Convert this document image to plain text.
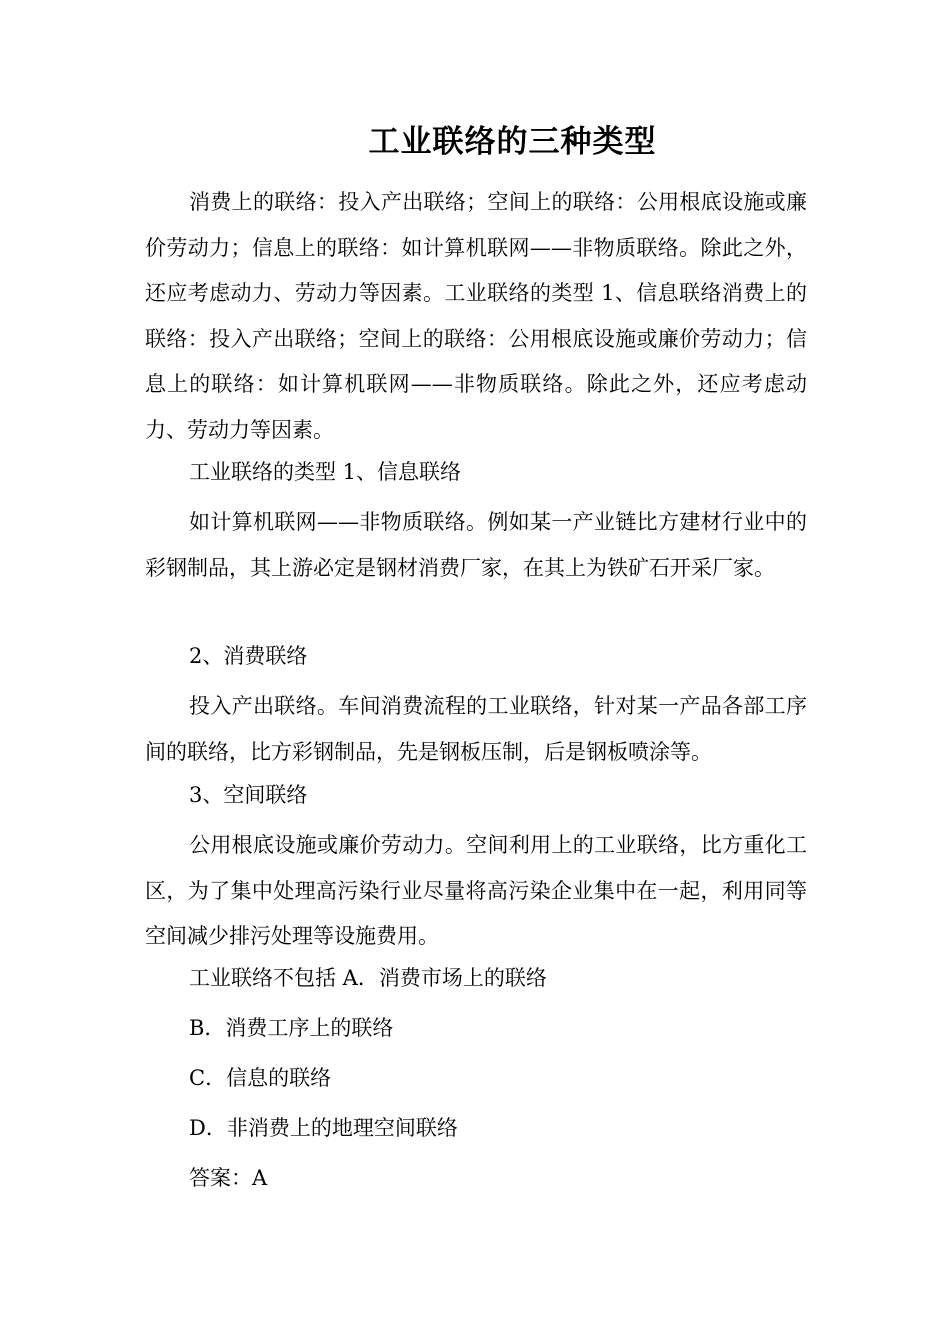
工业联络的三种类型

消费上的联络：投入产出联络；空间上的联络：公用根底设施或廉价劳动力；信息上的联络：如计算机联网——非物质联络。除此之外，还应考虑动力、劳动力等因素。工业联络的类型 1、信息联络消费上的联络：投入产出联络；空间上的联络：公用根底设施或廉价劳动力；信息上的联络：如计算机联网——非物质联络。除此之外，还应考虑动力、劳动力等因素。

工业联络的类型 1、信息联络

如计算机联网——非物质联络。例如某一产业链比方建材行业中的彩钢制品，其上游必定是钢材消费厂家，在其上为铁矿石开采厂家。

2、消费联络

投入产出联络。车间消费流程的工业联络，针对某一产品各部工序间的联络，比方彩钢制品，先是钢板压制，后是钢板喷涂等。

3、空间联络

公用根底设施或廉价劳动力。空间利用上的工业联络，比方重化工区，为了集中处理高污染行业尽量将高污染企业集中在一起，利用同等空间减少排污处理等设施费用。

工业联络不包括 A．消费市场上的联络

B．消费工序上的联络

C．信息的联络

D．非消费上的地理空间联络

答案：A
